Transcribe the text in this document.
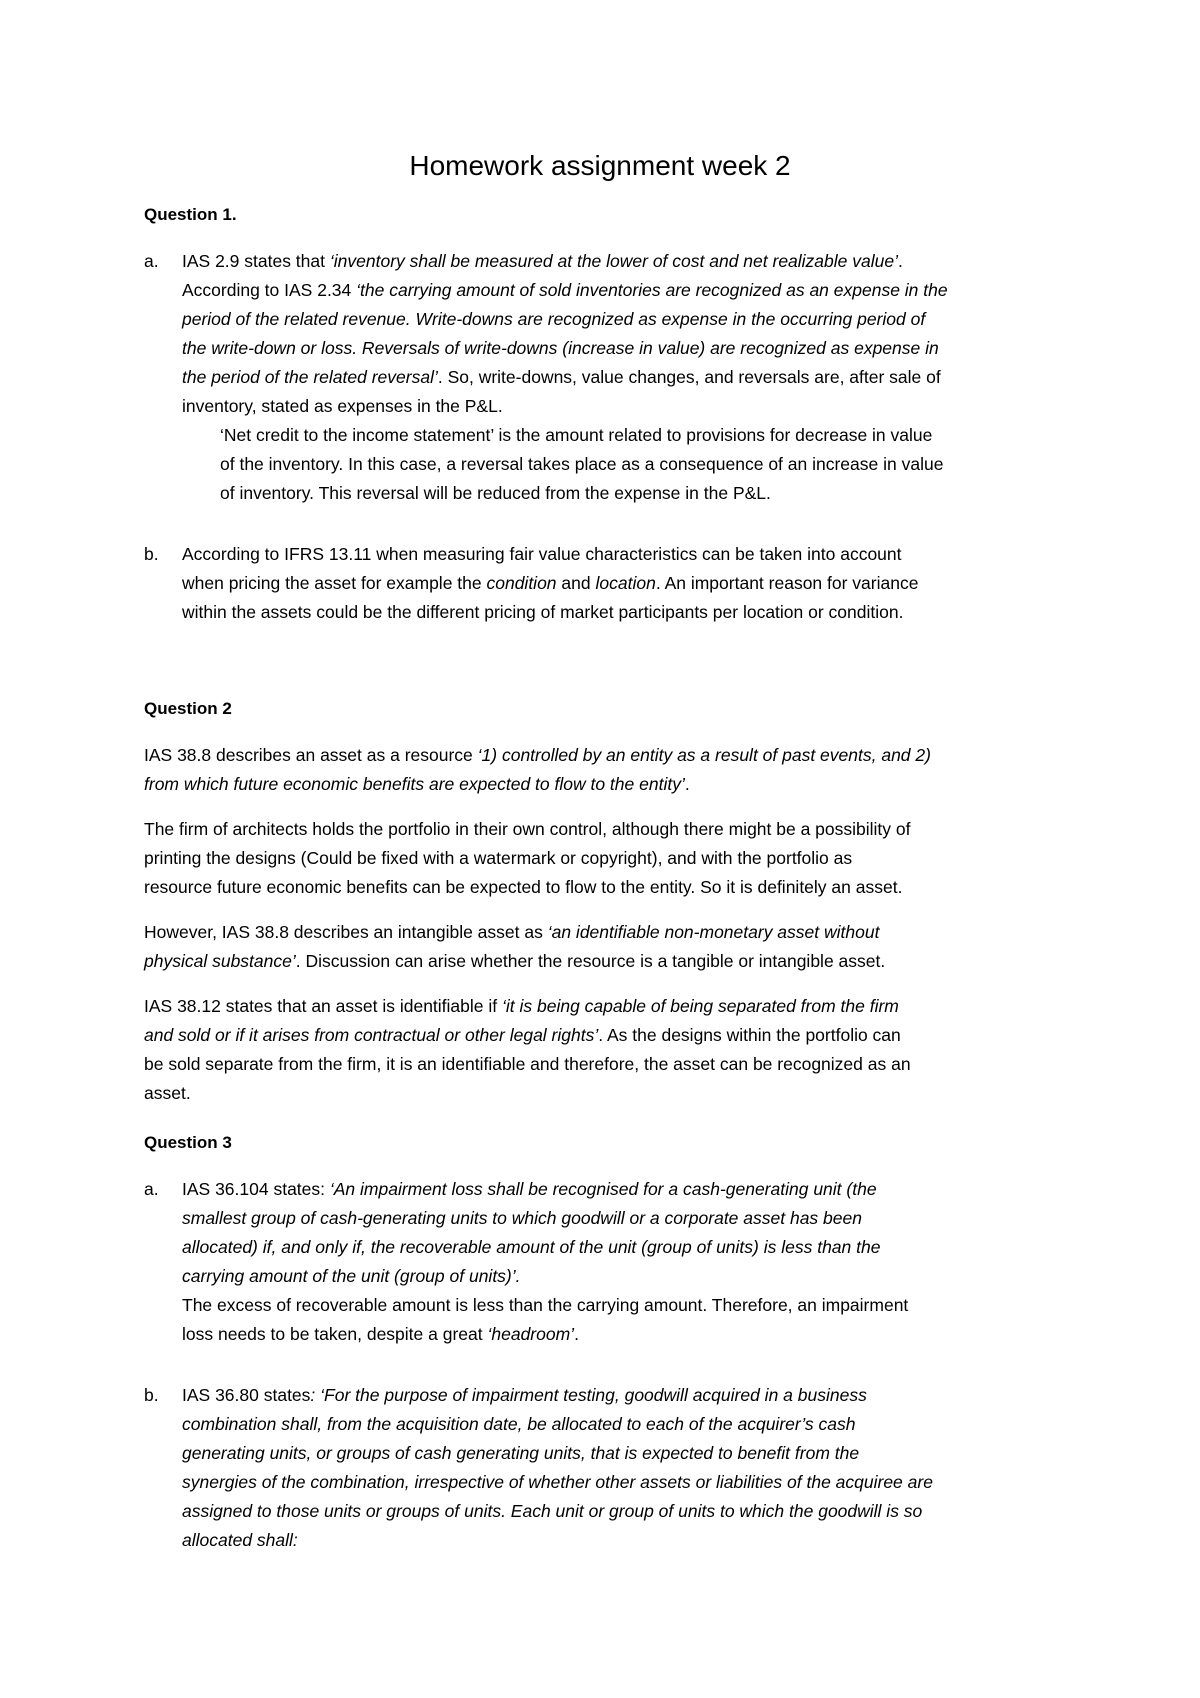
Homework assignment week 2

Question 1.

a. IAS 2.9 states that ‘inventory shall be measured at the lower of cost and net realizable value’.

According to IAS 2.34 ‘the carrying amount of sold inventories are recognized as an expense in the

period of the related revenue. Write-downs are recognized as expense in the occurring period of

the write-down or loss. Reversals of write-downs (increase in value) are recognized as expense in

the period of the related reversal’. So, write-downs, value changes, and reversals are, after sale of

inventory, stated as expenses in the P&L.

‘Net credit to the income statement’ is the amount related to provisions for decrease in value

of the inventory. In this case, a reversal takes place as a consequence of an increase in value

of inventory. This reversal will be reduced from the expense in the P&L.

b. According to IFRS 13.11 when measuring fair value characteristics can be taken into account

when pricing the asset for example the condition and location. An important reason for variance

within the assets could be the different pricing of market participants per location or condition.

Question 2

IAS 38.8 describes an asset as a resource ‘1) controlled by an entity as a result of past events, and 2)

from which future economic benefits are expected to flow to the entity’.

The firm of architects holds the portfolio in their own control, although there might be a possibility of

printing the designs (Could be fixed with a watermark or copyright), and with the portfolio as

resource future economic benefits can be expected to flow to the entity. So it is definitely an asset.

However, IAS 38.8 describes an intangible asset as ‘an identifiable non-monetary asset without

physical substance’. Discussion can arise whether the resource is a tangible or intangible asset.

IAS 38.12 states that an asset is identifiable if ‘it is being capable of being separated from the firm

and sold or if it arises from contractual or other legal rights’. As the designs within the portfolio can

be sold separate from the firm, it is an identifiable and therefore, the asset can be recognized as an

asset.

Question 3

a. IAS 36.104 states: ‘An impairment loss shall be recognised for a cash-generating unit (the

smallest group of cash-generating units to which goodwill or a corporate asset has been

allocated) if, and only if, the recoverable amount of the unit (group of units) is less than the

carrying amount of the unit (group of units)’.

The excess of recoverable amount is less than the carrying amount. Therefore, an impairment

loss needs to be taken, despite a great ‘headroom’.

b. IAS 36.80 states: ‘For the purpose of impairment testing, goodwill acquired in a business

combination shall, from the acquisition date, be allocated to each of the acquirer’s cash

generating units, or groups of cash generating units, that is expected to benefit from the

synergies of the combination, irrespective of whether other assets or liabilities of the acquiree are

assigned to those units or groups of units. Each unit or group of units to which the goodwill is so

allocated shall:
